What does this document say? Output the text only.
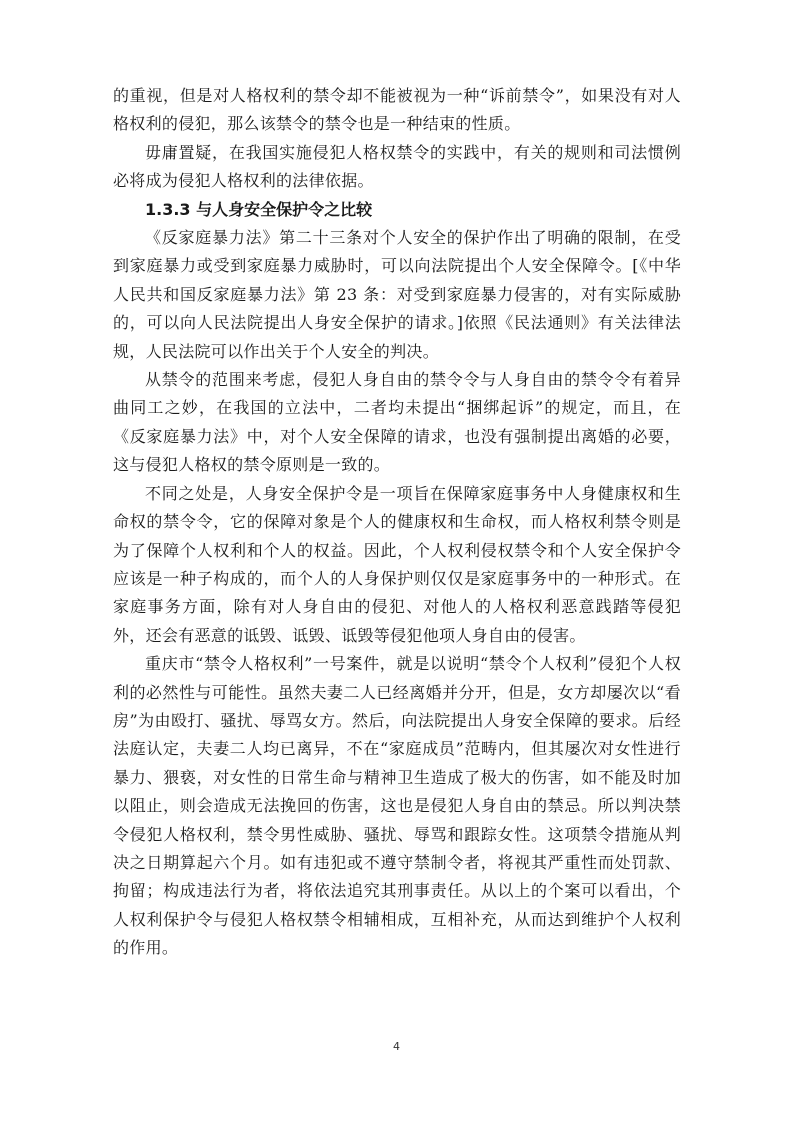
的重视，但是对人格权利的禁令却不能被视为一种“诉前禁令”，如果没有对人格权利的侵犯，那么该禁令的禁令也是一种结束的性质。

毋庸置疑，在我国实施侵犯人格权禁令的实践中，有关的规则和司法惯例必将成为侵犯人格权利的法律依据。

1.3.3 与人身安全保护令之比较

《反家庭暴力法》第二十三条对个人安全的保护作出了明确的限制，在受到家庭暴力或受到家庭暴力威胁时，可以向法院提出个人安全保障令。[《中华人民共和国反家庭暴力法》第 23 条：对受到家庭暴力侵害的，对有实际威胁的，可以向人民法院提出人身安全保护的请求。]依照《民法通则》有关法律法规，人民法院可以作出关于个人安全的判决。

从禁令的范围来考虑，侵犯人身自由的禁令令与人身自由的禁令令有着异曲同工之妙，在我国的立法中，二者均未提出“捆绑起诉”的规定，而且，在《反家庭暴力法》中，对个人安全保障的请求，也没有强制提出离婚的必要，这与侵犯人格权的禁令原则是一致的。

不同之处是，人身安全保护令是一项旨在保障家庭事务中人身健康权和生命权的禁令令，它的保障对象是个人的健康权和生命权，而人格权利禁令则是为了保障个人权利和个人的权益。因此，个人权利侵权禁令和个人安全保护令应该是一种子构成的，而个人的人身保护则仅仅是家庭事务中的一种形式。在家庭事务方面，除有对人身自由的侵犯、对他人的人格权利恶意践踏等侵犯外，还会有恶意的诋毁、诋毁、诋毁等侵犯他项人身自由的侵害。

重庆市“禁令人格权利”一号案件，就是以说明“禁令个人权利”侵犯个人权利的必然性与可能性。虽然夫妻二人已经离婚并分开，但是，女方却屡次以“看房”为由殴打、骚扰、辱骂女方。然后，向法院提出人身安全保障的要求。后经法庭认定，夫妻二人均已离异，不在“家庭成员”范畴内，但其屡次对女性进行暴力、猥亵，对女性的日常生命与精神卫生造成了极大的伤害，如不能及时加以阻止，则会造成无法挽回的伤害，这也是侵犯人身自由的禁忌。所以判决禁令侵犯人格权利，禁令男性威胁、骚扰、辱骂和跟踪女性。这项禁令措施从判决之日期算起六个月。如有违犯或不遵守禁制令者，将视其严重性而处罚款、拘留；构成违法行为者，将依法追究其刑事责任。从以上的个案可以看出，个人权利保护令与侵犯人格权禁令相辅相成，互相补充，从而达到维护个人权利的作用。

4
